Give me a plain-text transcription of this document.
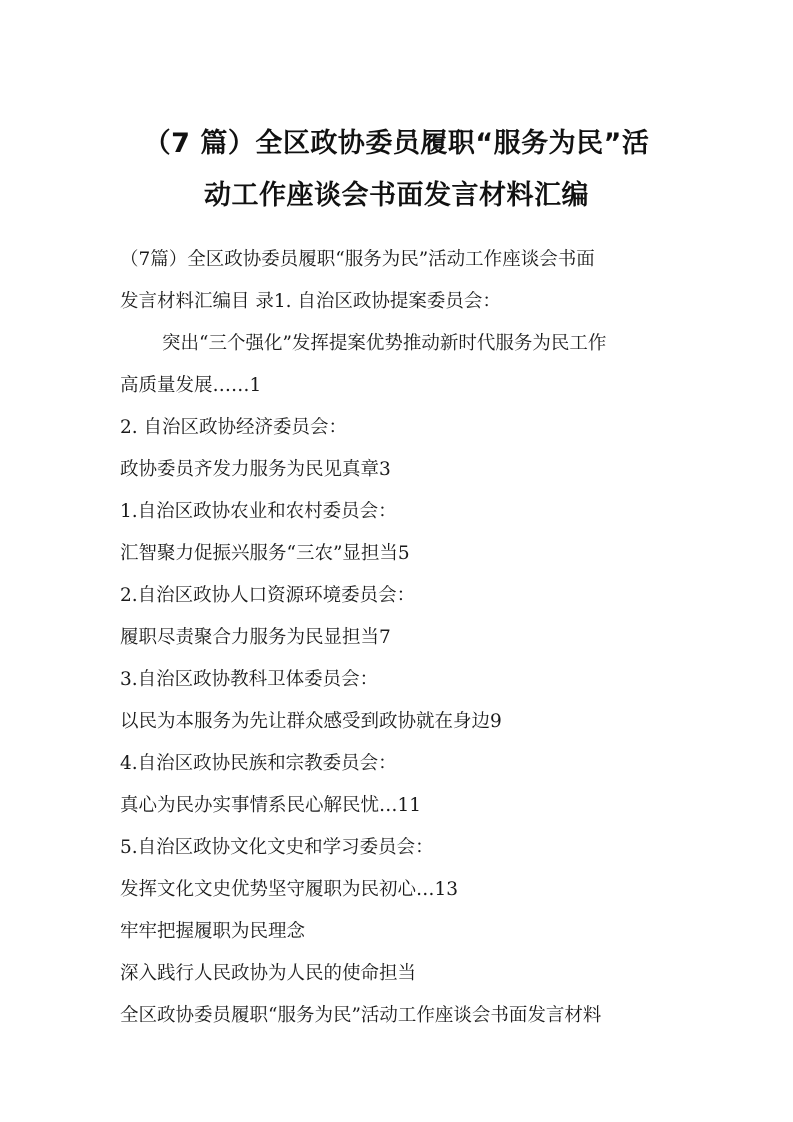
（7 篇）全区政协委员履职“服务为民”活
动工作座谈会书面发言材料汇编

（7篇）全区政协委员履职“服务为民”活动工作座谈会书面

发言材料汇编目 录1. 自治区政协提案委员会：

突出“三个强化”发挥提案优势推动新时代服务为民工作

高质量发展……1

2. 自治区政协经济委员会：

政协委员齐发力服务为民见真章3

1.自治区政协农业和农村委员会：

汇智聚力促振兴服务“三农”显担当5

2.自治区政协人口资源环境委员会：

履职尽责聚合力服务为民显担当7

3.自治区政协教科卫体委员会：

以民为本服务为先让群众感受到政协就在身边9

4.自治区政协民族和宗教委员会：

真心为民办实事情系民心解民忧…11

5.自治区政协文化文史和学习委员会：

发挥文化文史优势坚守履职为民初心…13

牢牢把握履职为民理念

深入践行人民政协为人民的使命担当

全区政协委员履职“服务为民”活动工作座谈会书面发言材料
